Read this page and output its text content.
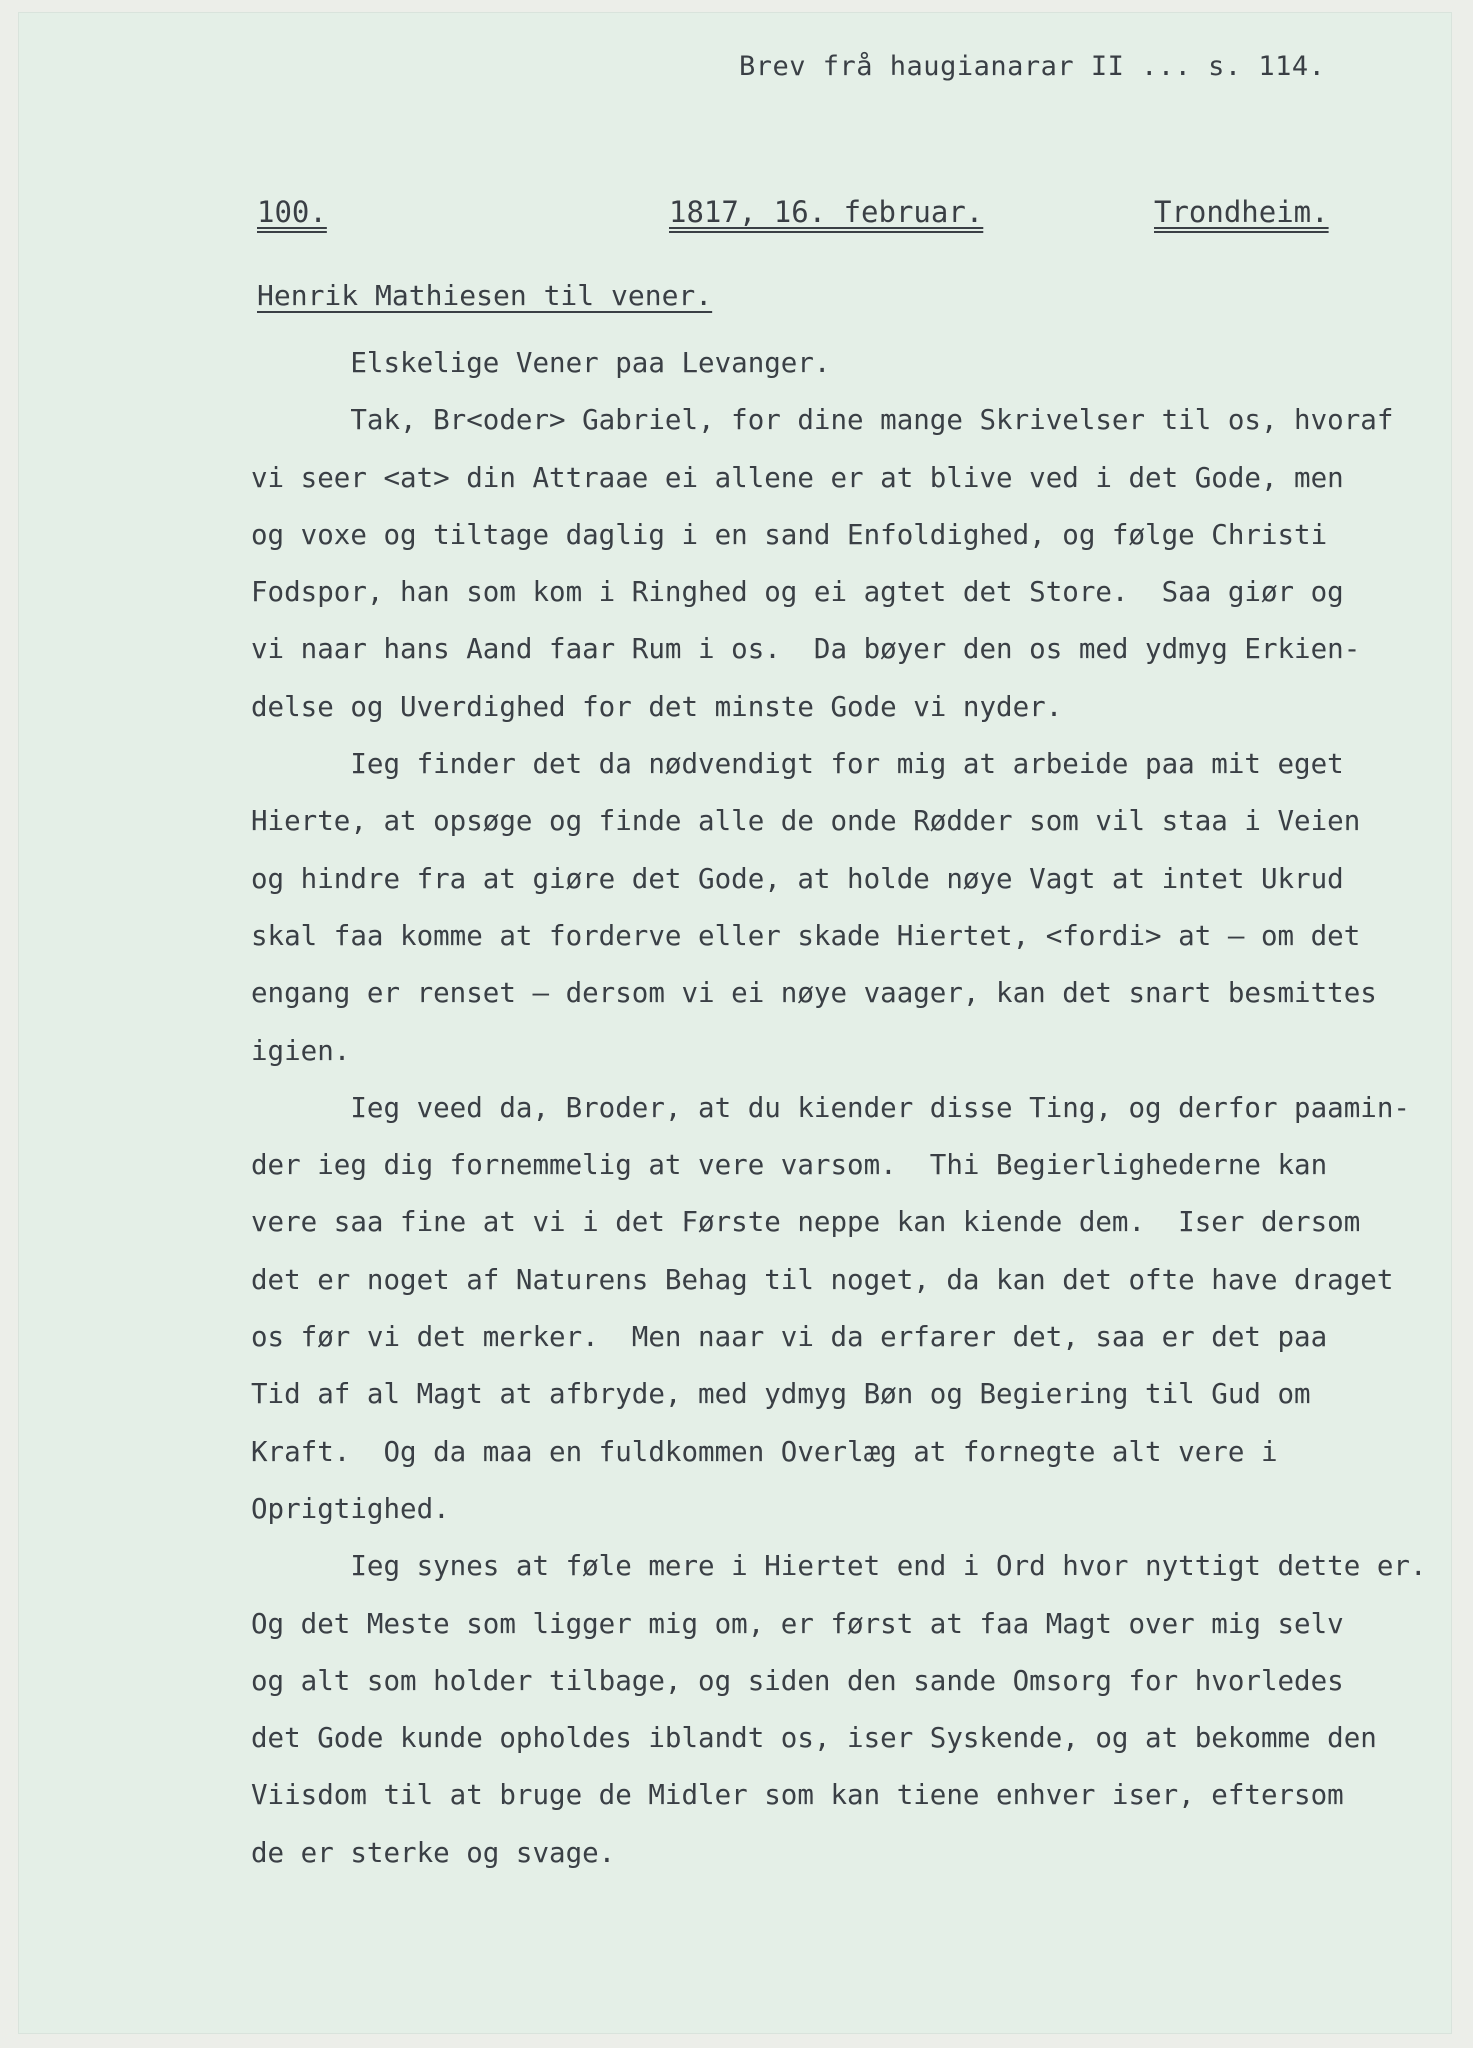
Brev frå haugianarar II ... s. 114.
100.	1817, 16. februar.	Trondheim.
Henrik Mathiesen til vener.
Elskelige Vener paa Levanger.
Tak, Br<oder> Gabriel, for dine mange Skrivelser til os, hvoraf
vi seer <at> din Attraae ei allene er at blive ved i det Gode, men
og voxe og tiltage daglig i en sand Enfoldighed, og følge Christi
Fodspor, han som kom i Ringhed og ei agtet det Store.  Saa giør og
vi naar hans Aand faar Rum i os.  Da bøyer den os med ydmyg Erkien-
delse og Uverdighed for det minste Gode vi nyder.
Ieg finder det da nødvendigt for mig at arbeide paa mit eget
Hierte, at opsøge og finde alle de onde Rødder som vil staa i Veien
og hindre fra at giøre det Gode, at holde nøye Vagt at intet Ukrud
skal faa komme at forderve eller skade Hiertet, <fordi> at — om det
engang er renset — dersom vi ei nøye vaager, kan det snart besmittes
igien.
Ieg veed da, Broder, at du kiender disse Ting, og derfor paamin-
der ieg dig fornemmelig at vere varsom.  Thi Begierlighederne kan
vere saa fine at vi i det Første neppe kan kiende dem.  Iser dersom
det er noget af Naturens Behag til noget, da kan det ofte have draget
os før vi det merker.  Men naar vi da erfarer det, saa er det paa
Tid af al Magt at afbryde, med ydmyg Bøn og Begiering til Gud om
Kraft.  Og da maa en fuldkommen Overlæg at fornegte alt vere i
Oprigtighed.
Ieg synes at føle mere i Hiertet end i Ord hvor nyttigt dette er.
Og det Meste som ligger mig om, er først at faa Magt over mig selv
og alt som holder tilbage, og siden den sande Omsorg for hvorledes
det Gode kunde opholdes iblandt os, iser Syskende, og at bekomme den
Viisdom til at bruge de Midler som kan tiene enhver iser, eftersom
de er sterke og svage.
